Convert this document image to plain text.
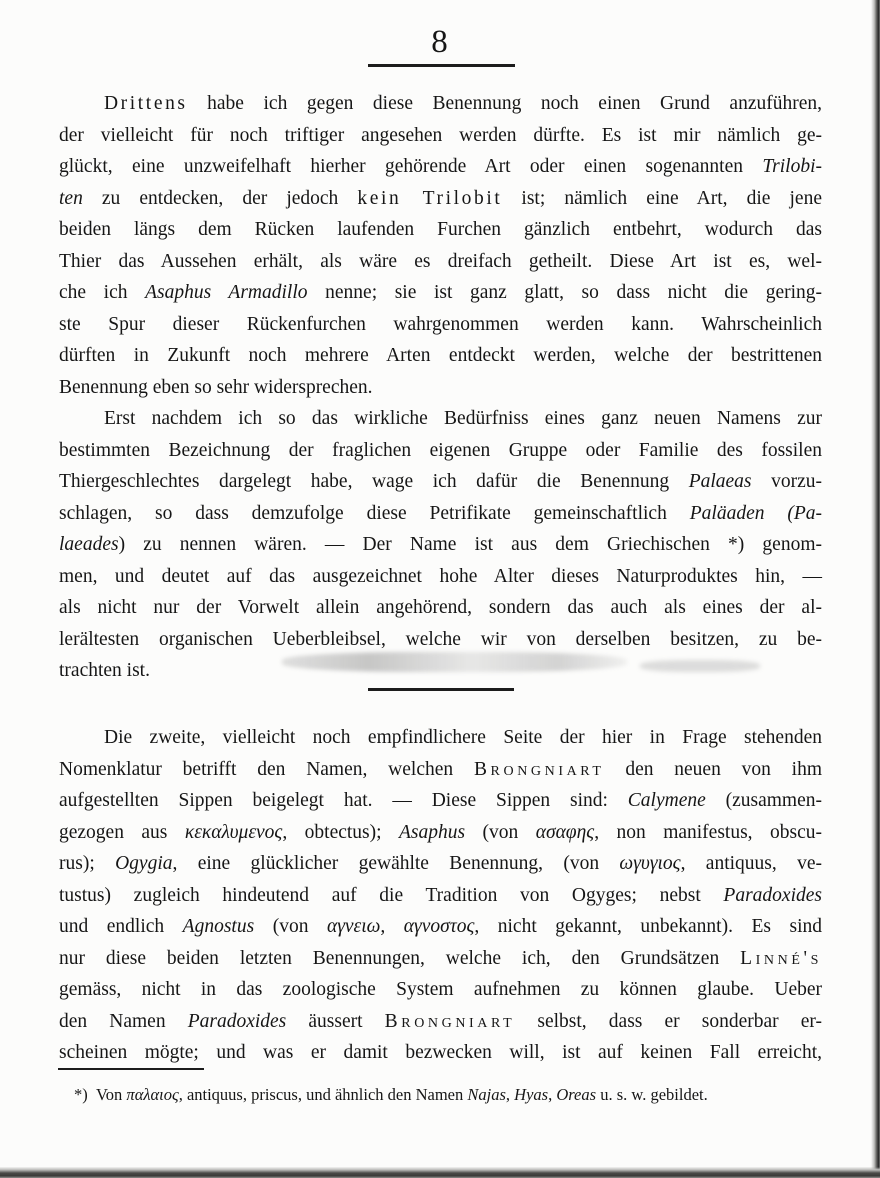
8
Drittens habe ich gegen diese Benennung noch einen Grund anzuführen,
der vielleicht für noch triftiger angesehen werden dürfte. Es ist mir nämlich ge-
glückt, eine unzweifelhaft hierher gehörende Art oder einen sogenannten Trilobi-
ten zu entdecken, der jedoch kein Trilobit ist; nämlich eine Art, die jene
beiden längs dem Rücken laufenden Furchen gänzlich entbehrt, wodurch das
Thier das Aussehen erhält, als wäre es dreifach getheilt. Diese Art ist es, wel-
che ich Asaphus Armadillo nenne; sie ist ganz glatt, so dass nicht die gering-
ste Spur dieser Rückenfurchen wahrgenommen werden kann. Wahrscheinlich
dürften in Zukunft noch mehrere Arten entdeckt werden, welche der bestrittenen
Benennung eben so sehr widersprechen.
Erst nachdem ich so das wirkliche Bedürfniss eines ganz neuen Namens zur
bestimmten Bezeichnung der fraglichen eigenen Gruppe oder Familie des fossilen
Thiergeschlechtes dargelegt habe, wage ich dafür die Benennung Palaeas vorzu-
schlagen, so dass demzufolge diese Petrifikate gemeinschaftlich Paläaden (Pa-
laeades) zu nennen wären. — Der Name ist aus dem Griechischen *) genom-
men, und deutet auf das ausgezeichnet hohe Alter dieses Naturproduktes hin, —
als nicht nur der Vorwelt allein angehörend, sondern das auch als eines der al-
lerältesten organischen Ueberbleibsel, welche wir von derselben besitzen, zu be-
trachten ist.
Die zweite, vielleicht noch empfindlichere Seite der hier in Frage stehenden
Nomenklatur betrifft den Namen, welchen Brongniart den neuen von ihm
aufgestellten Sippen beigelegt hat. — Diese Sippen sind: Calymene (zusammen-
gezogen aus κεκαλυμενος, obtectus); Asaphus (von ασαφης, non manifestus, obscu-
rus); Ogygia, eine glücklicher gewählte Benennung, (von ωγυγιος, antiquus, ve-
tustus) zugleich hindeutend auf die Tradition von Ogyges; nebst Paradoxides
und endlich Agnostus (von αγνειω, αγνοστος, nicht gekannt, unbekannt). Es sind
nur diese beiden letzten Benennungen, welche ich, den Grundsätzen Linné's
gemäss, nicht in das zoologische System aufnehmen zu können glaube. Ueber
den Namen Paradoxides äussert Brongniart selbst, dass er sonderbar er-
scheinen mögte; und was er damit bezwecken will, ist auf keinen Fall erreicht,
*) Von παλαιος, antiquus, priscus, und ähnlich den Namen Najas, Hyas, Oreas u. s. w. gebildet.
